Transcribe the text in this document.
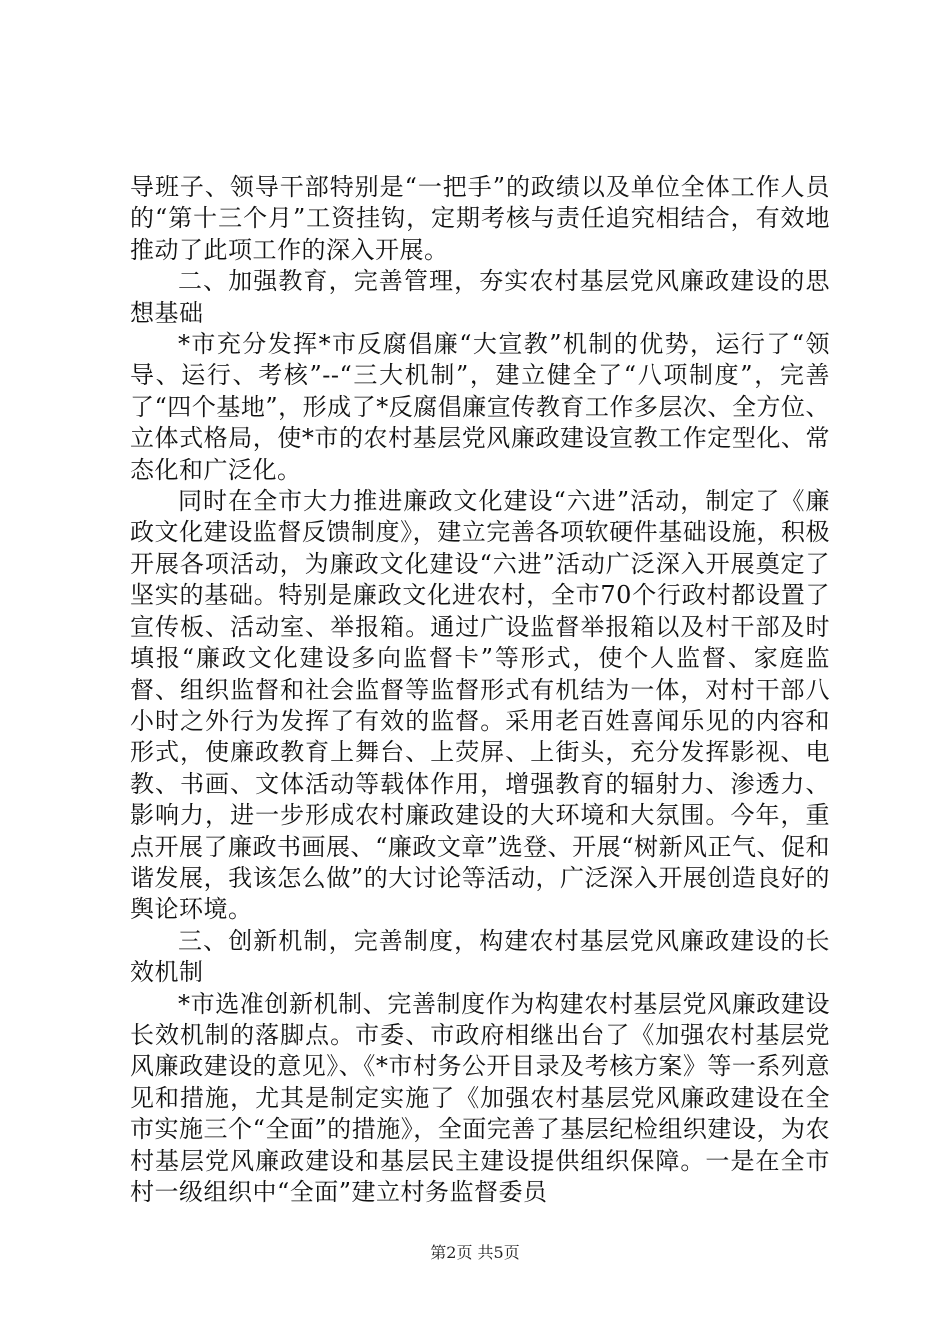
导班子、领导干部特别是“一把手”的政绩以及单位全体工作人员的“第十三个月”工资挂钩，定期考核与责任追究相结合，有效地推动了此项工作的深入开展。

二、加强教育，完善管理，夯实农村基层党风廉政建设的思想基础

*市充分发挥*市反腐倡廉“大宣教”机制的优势，运行了“领导、运行、考核”--“三大机制”，建立健全了“八项制度”，完善了“四个基地”，形成了*反腐倡廉宣传教育工作多层次、全方位、立体式格局，使*市的农村基层党风廉政建设宣教工作定型化、常态化和广泛化。

同时在全市大力推进廉政文化建设“六进”活动，制定了《廉政文化建设监督反馈制度》，建立完善各项软硬件基础设施，积极开展各项活动，为廉政文化建设“六进”活动广泛深入开展奠定了坚实的基础。特别是廉政文化进农村，全市70个行政村都设置了宣传板、活动室、举报箱。通过广设监督举报箱以及村干部及时填报“廉政文化建设多向监督卡”等形式，使个人监督、家庭监督、组织监督和社会监督等监督形式有机结为一体，对村干部八小时之外行为发挥了有效的监督。采用老百姓喜闻乐见的内容和形式，使廉政教育上舞台、上荧屏、上街头，充分发挥影视、电教、书画、文体活动等载体作用，增强教育的辐射力、渗透力、影响力，进一步形成农村廉政建设的大环境和大氛围。今年，重点开展了廉政书画展、“廉政文章”选登、开展“树新风正气、促和谐发展，我该怎么做”的大讨论等活动，广泛深入开展创造良好的舆论环境。

三、创新机制，完善制度，构建农村基层党风廉政建设的长效机制

*市选准创新机制、完善制度作为构建农村基层党风廉政建设长效机制的落脚点。市委、市政府相继出台了《加强农村基层党风廉政建设的意见》、《*市村务公开目录及考核方案》等一系列意见和措施，尤其是制定实施了《加强农村基层党风廉政建设在全市实施三个“全面”的措施》，全面完善了基层纪检组织建设，为农村基层党风廉政建设和基层民主建设提供组织保障。一是在全市村一级组织中“全面”建立村务监督委员

第2页 共5页
